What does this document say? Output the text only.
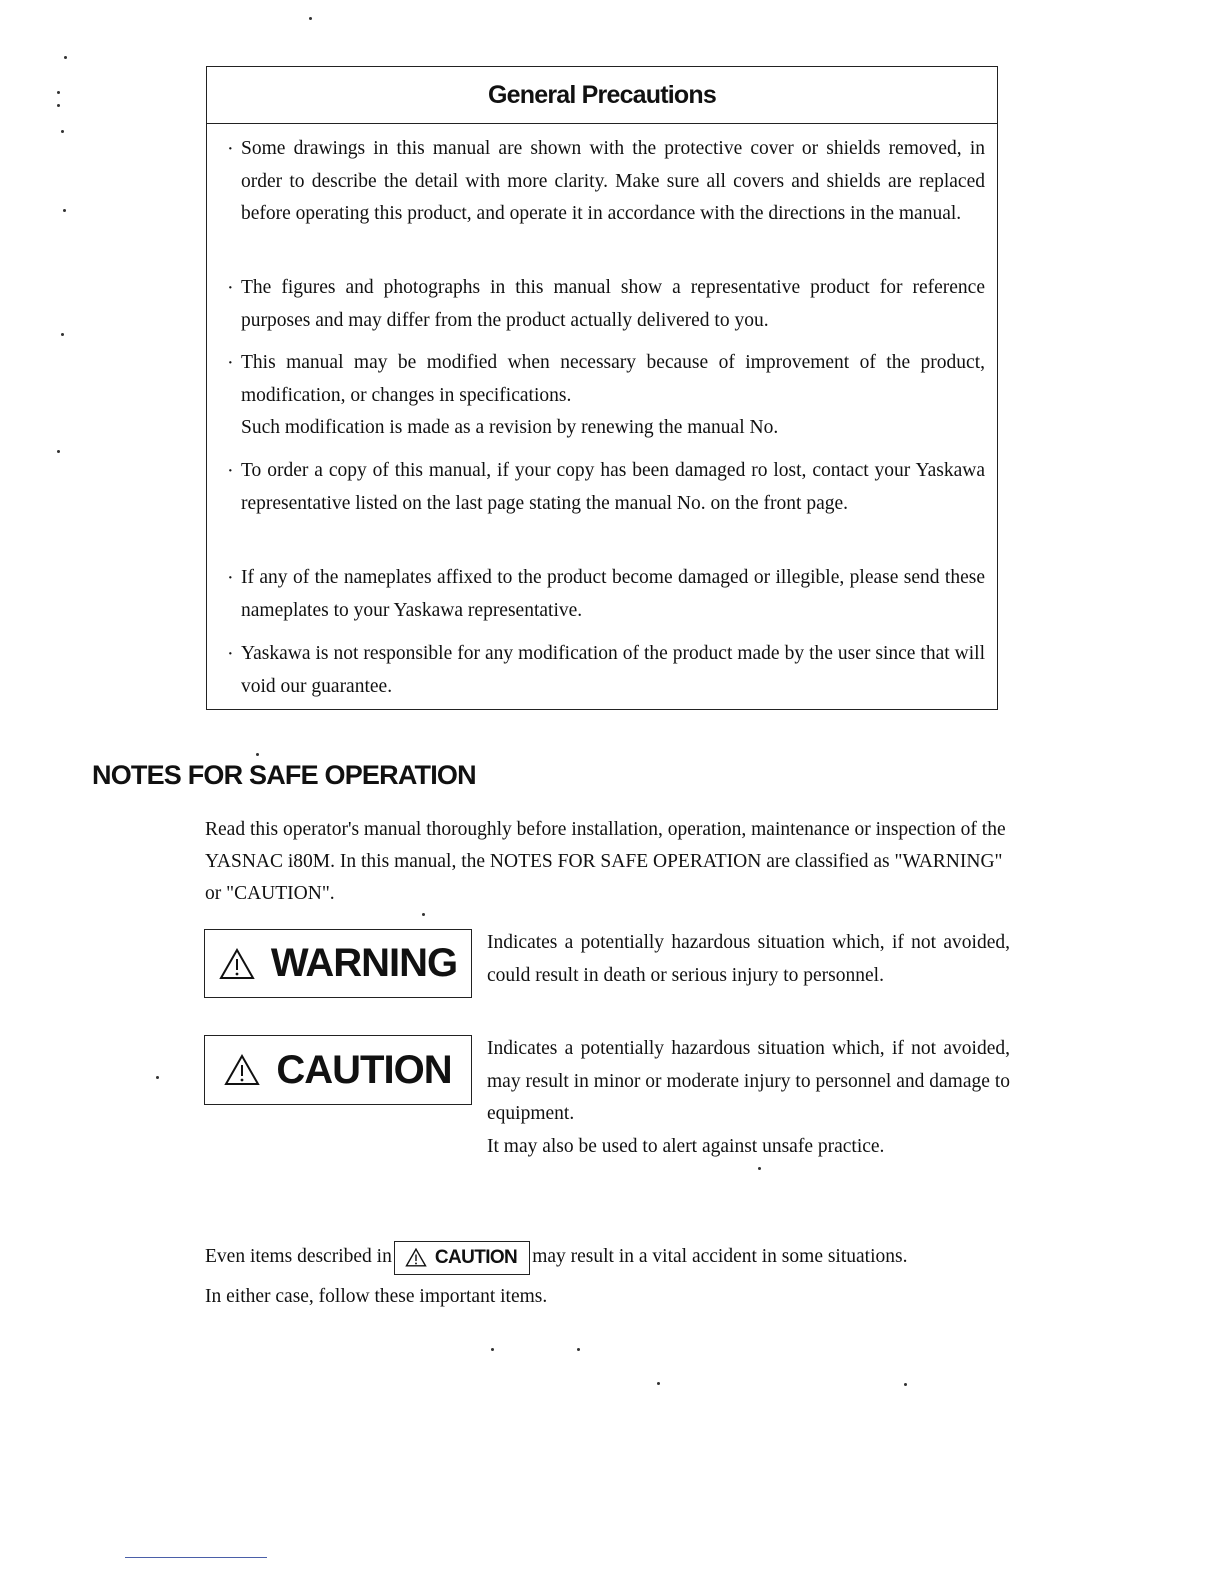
General Precautions
· Some drawings in this manual are shown with the protective cover or shields removed, in order to describe the detail with more clarity. Make sure all covers and shields are replaced before operating this product, and operate it in accordance with the directions in the manual.
· The figures and photographs in this manual show a representative product for reference purposes and may differ from the product actually delivered to you.
· This manual may be modified when necessary because of improvement of the product, modification, or changes in specifications.
Such modification is made as a revision by renewing the manual No.
· To order a copy of this manual, if your copy has been damaged ro lost, contact your Yaskawa representative listed on the last page stating the manual No. on the front page.
· If any of the nameplates affixed to the product become damaged or illegible, please send these nameplates to your Yaskawa representative.
· Yaskawa is not responsible for any modification of the product made by the user since that will void our guarantee.
NOTES FOR SAFE OPERATION

Read this operator's manual thoroughly before installation, operation, maintenance or inspection of the YASNAC i80M. In this manual, the NOTES FOR SAFE OPERATION are classified as "WARNING" or "CAUTION".

WARNING Indicates a potentially hazardous situation which, if not avoided, could result in death or serious injury to personnel.

CAUTION Indicates a potentially hazardous situation which, if not avoided, may result in minor or moderate injury to personnel and damage to equipment.
It may also be used to alert against unsafe practice.
Even items described in CAUTION may result in a vital accident in some situations.
In either case, follow these important items.
